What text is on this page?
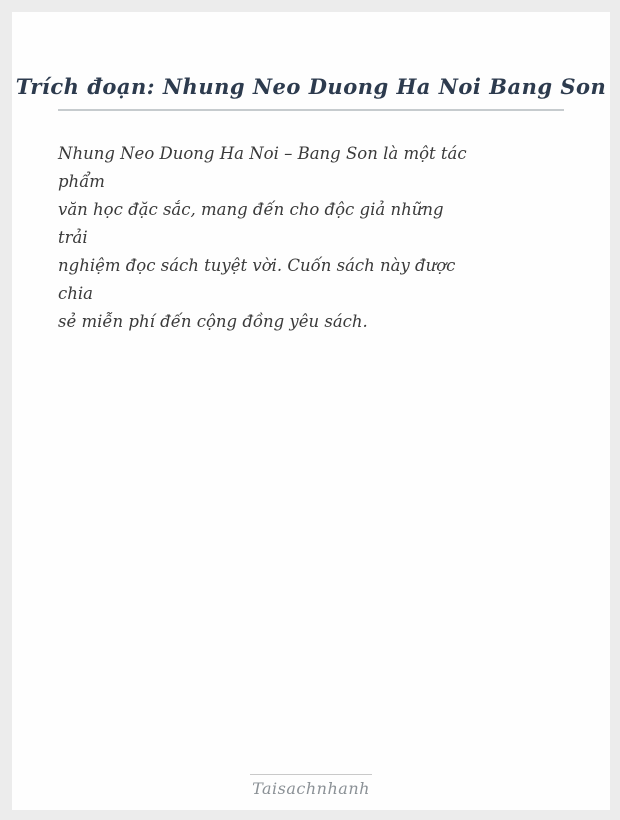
Trích đoạn: Nhung Neo Duong Ha Noi Bang Son
Nhung Neo Duong Ha Noi – Bang Son là một tác
phẩm
văn học đặc sắc, mang đến cho độc giả những
trải
nghiệm đọc sách tuyệt vời. Cuốn sách này được
chia
sẻ miễn phí đến cộng đồng yêu sách.
Taisachnhanh
